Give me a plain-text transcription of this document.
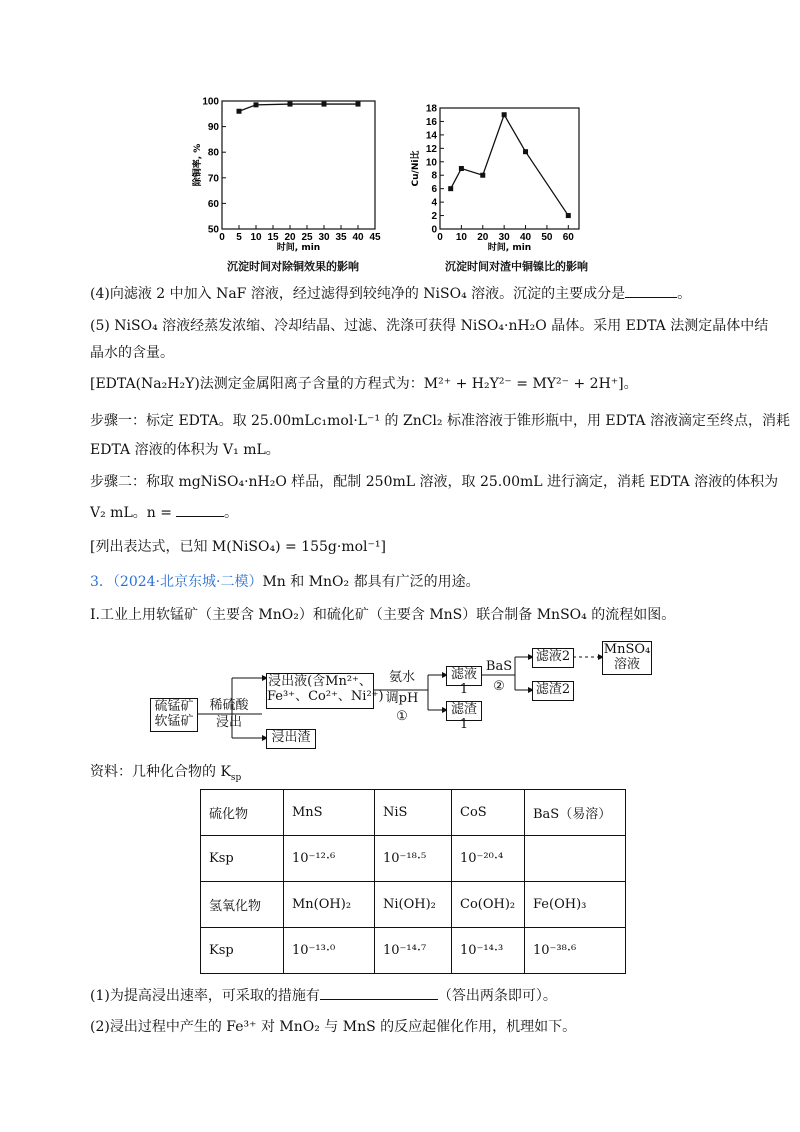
0 5 10 15 20 25 30 35 40 45
50
60
70
80
90
100
时间, min
除铜率, %
0 10 20 30 40 50 60
0
2
4
6
8
10
12
14
16
18
时间, min
Cu/Ni比
沉淀时间对除铜效果的影响	沉淀时间对渣中铜镍比的影响
(4)向滤液 2 中加入 NaF 溶液，经过滤得到较纯净的 NiSO₄ 溶液。沉淀的主要成分是	。
(5) NiSO₄ 溶液经蒸发浓缩、冷却结晶、过滤、洗涤可获得 NiSO₄·nH₂O 晶体。采用 EDTA 法测定晶体中结
晶水的含量。
[EDTA(Na₂H₂Y)法测定金属阳离子含量的方程式为：M²⁺ + H₂Y²⁻ = MY²⁻ + 2H⁺]。
步骤一：标定 EDTA。取 25.00mLc₁mol·L⁻¹ 的 ZnCl₂ 标准溶液于锥形瓶中，用 EDTA 溶液滴定至终点，消耗
EDTA 溶液的体积为 V₁ mL。
步骤二：称取 mgNiSO₄·nH₂O 样品，配制 250mL 溶液，取 25.00mL 进行滴定，消耗 EDTA 溶液的体积为
V₂ mL。n =	。
[列出表达式，已知 M(NiSO₄) = 155g·mol⁻¹]
3．（2024·北京东城·二模）Mn 和 MnO₂ 都具有广泛的用途。
Ⅰ.工业上用软锰矿（主要含 MnO₂）和硫化矿（主要含 MnS）联合制备 MnSO₄ 的流程如图。
硫锰矿
软锰矿
稀硫酸
浸出
浸出液(含Mn²⁺、
Fe³⁺、Co²⁺、Ni²⁺)
浸出渣
氨水
调pH
①
滤液1
滤渣1
BaS
②
滤液2
滤渣2
MnSO₄
溶液
资料：几种化合物的 $K_{sp}$
硫化物	MnS	NiS	CoS	BaS（易溶）
Ksp	10⁻¹²·⁶	10⁻¹⁸·⁵	10⁻²⁰·⁴	
氢氧化物	Mn(OH)₂	Ni(OH)₂	Co(OH)₂	Fe(OH)₃
Ksp	10⁻¹³·⁰	10⁻¹⁴·⁷	10⁻¹⁴·³	10⁻³⁸·⁶
(1)为提高浸出速率，可采取的措施有	（答出两条即可）。
(2)浸出过程中产生的 Fe³⁺ 对 MnO₂ 与 MnS 的反应起催化作用，机理如下。
